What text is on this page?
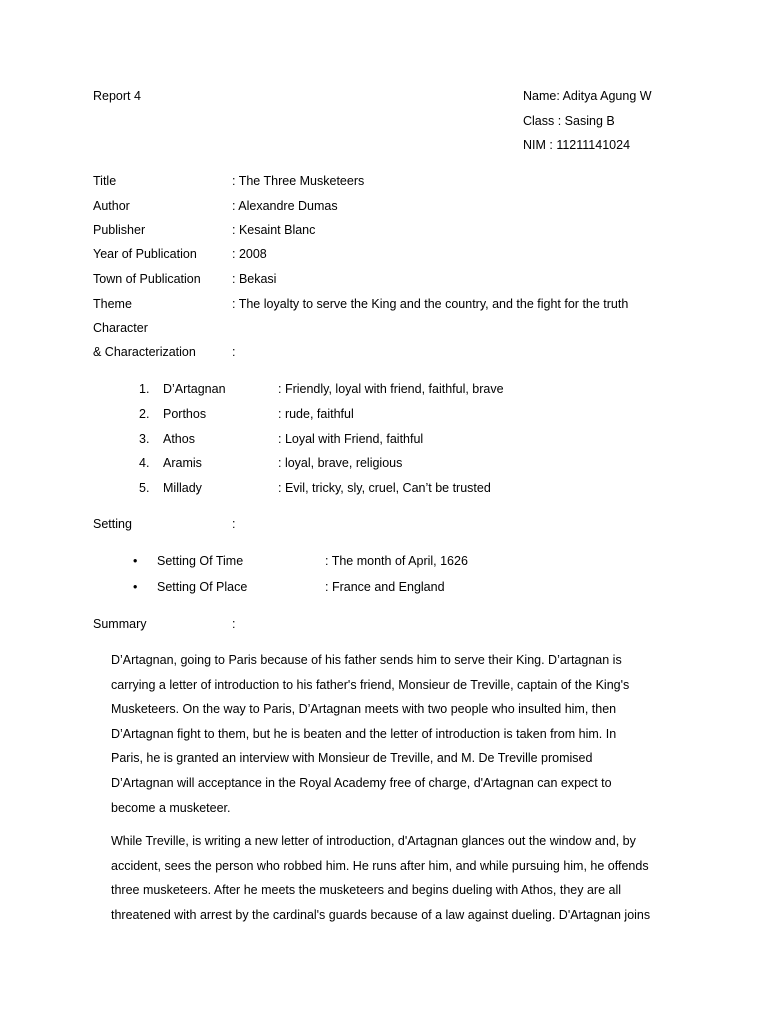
Report 4	Name: Aditya Agung W
Class : Sasing B
NIM : 11211141024
Title	: The Three Musketeers
Author	: Alexandre Dumas
Publisher	: Kesaint Blanc
Year of Publication	: 2008
Town of Publication	: Bekasi
Theme	: The loyalty to serve the King and the country, and the fight for the truth
Character
& Characterization	:
1. D’Artagnan	: Friendly, loyal with friend, faithful, brave
2. Porthos	: rude, faithful
3. Athos	: Loyal with Friend, faithful
4. Aramis	: loyal, brave, religious
5. Millady	: Evil, tricky, sly, cruel, Can’t be trusted
Setting	:
• Setting Of Time	: The month of April, 1626
• Setting Of Place	: France and England
Summary	:
D’Artagnan, going to Paris because of his father sends him to serve their King. D’artagnan is
carrying a letter of introduction to his father's friend, Monsieur de Treville, captain of the King's
Musketeers. On the way to Paris, D’Artagnan meets with two people who insulted him, then
D’Artagnan fight to them, but he is beaten and the letter of introduction is taken from him. In
Paris, he is granted an interview with Monsieur de Treville, and M. De Treville promised
D’Artagnan will acceptance in the Royal Academy free of charge, d'Artagnan can expect to
become a musketeer.
While Treville, is writing a new letter of introduction, d'Artagnan glances out the window and, by
accident, sees the person who robbed him. He runs after him, and while pursuing him, he offends
three musketeers. After he meets the musketeers and begins dueling with Athos, they are all
threatened with arrest by the cardinal's guards because of a law against dueling. D'Artagnan joins
